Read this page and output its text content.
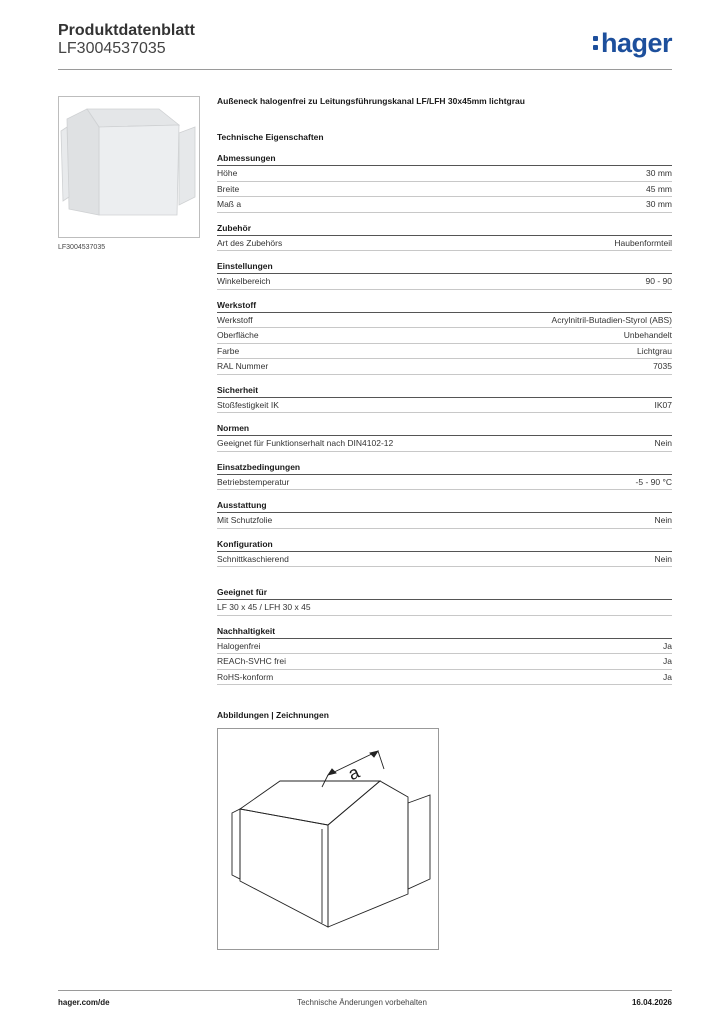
Produktdatenblatt
LF3004537035	hager
LF3004537035
Außeneck halogenfrei zu Leitungsführungskanal LF/LFH 30x45mm lichtgrau
Technische Eigenschaften
Abmessungen
Höhe	30 mm
Breite	45 mm
Maß a	30 mm
Zubehör
Art des Zubehörs	Haubenformteil
Einstellungen
Winkelbereich	90 - 90
Werkstoff
Werkstoff	Acrylnitril-Butadien-Styrol (ABS)
Oberfläche	Unbehandelt
Farbe	Lichtgrau
RAL Nummer	7035
Sicherheit
Stoßfestigkeit IK	IK07
Normen
Geeignet für Funktionserhalt nach DIN4102-12	Nein
Einsatzbedingungen
Betriebstemperatur	-5 - 90 °C
Ausstattung
Mit Schutzfolie	Nein
Konfiguration
Schnittkaschierend	Nein
Geeignet für
LF 30 x 45 / LFH 30 x 45
Nachhaltigkeit
Halogenfrei	Ja
REACh-SVHC frei	Ja
RoHS-konform	Ja
Abbildungen | Zeichnungen
a
hager.com/de	Technische Änderungen vorbehalten	16.04.2026
